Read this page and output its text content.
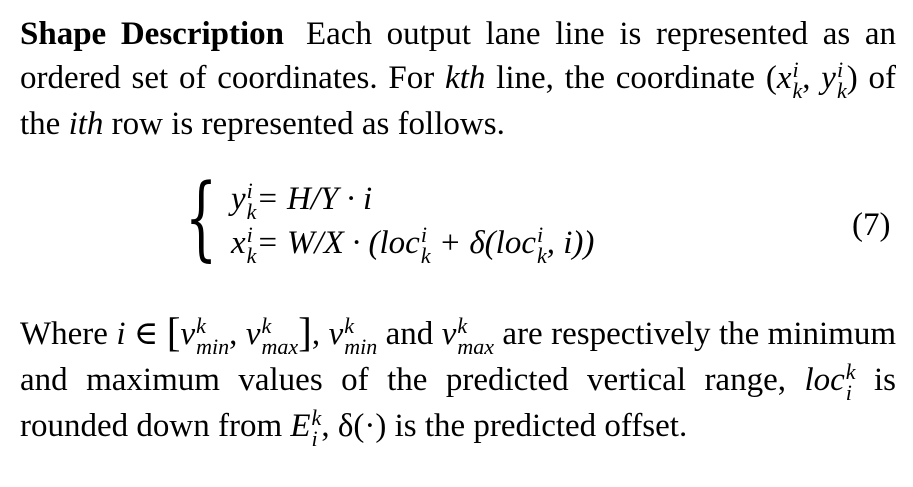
Shape Description Each output lane line is represented as an ordered set of coordinates. For kth line, the coordinate (x i
k , y i
k ) of the ith row is represented as follows.
{ y i
k = H/Y · i
x i
k = W/X · (loc i
k + δ(loc i
k , i))
(7)
Where i ∈ [v k
min , v k
max ], v k
min and v k
max are respectively the minimum and maximum values of the predicted vertical range, loc k
i is rounded down from E k
i , δ(·) is the predicted offset.
